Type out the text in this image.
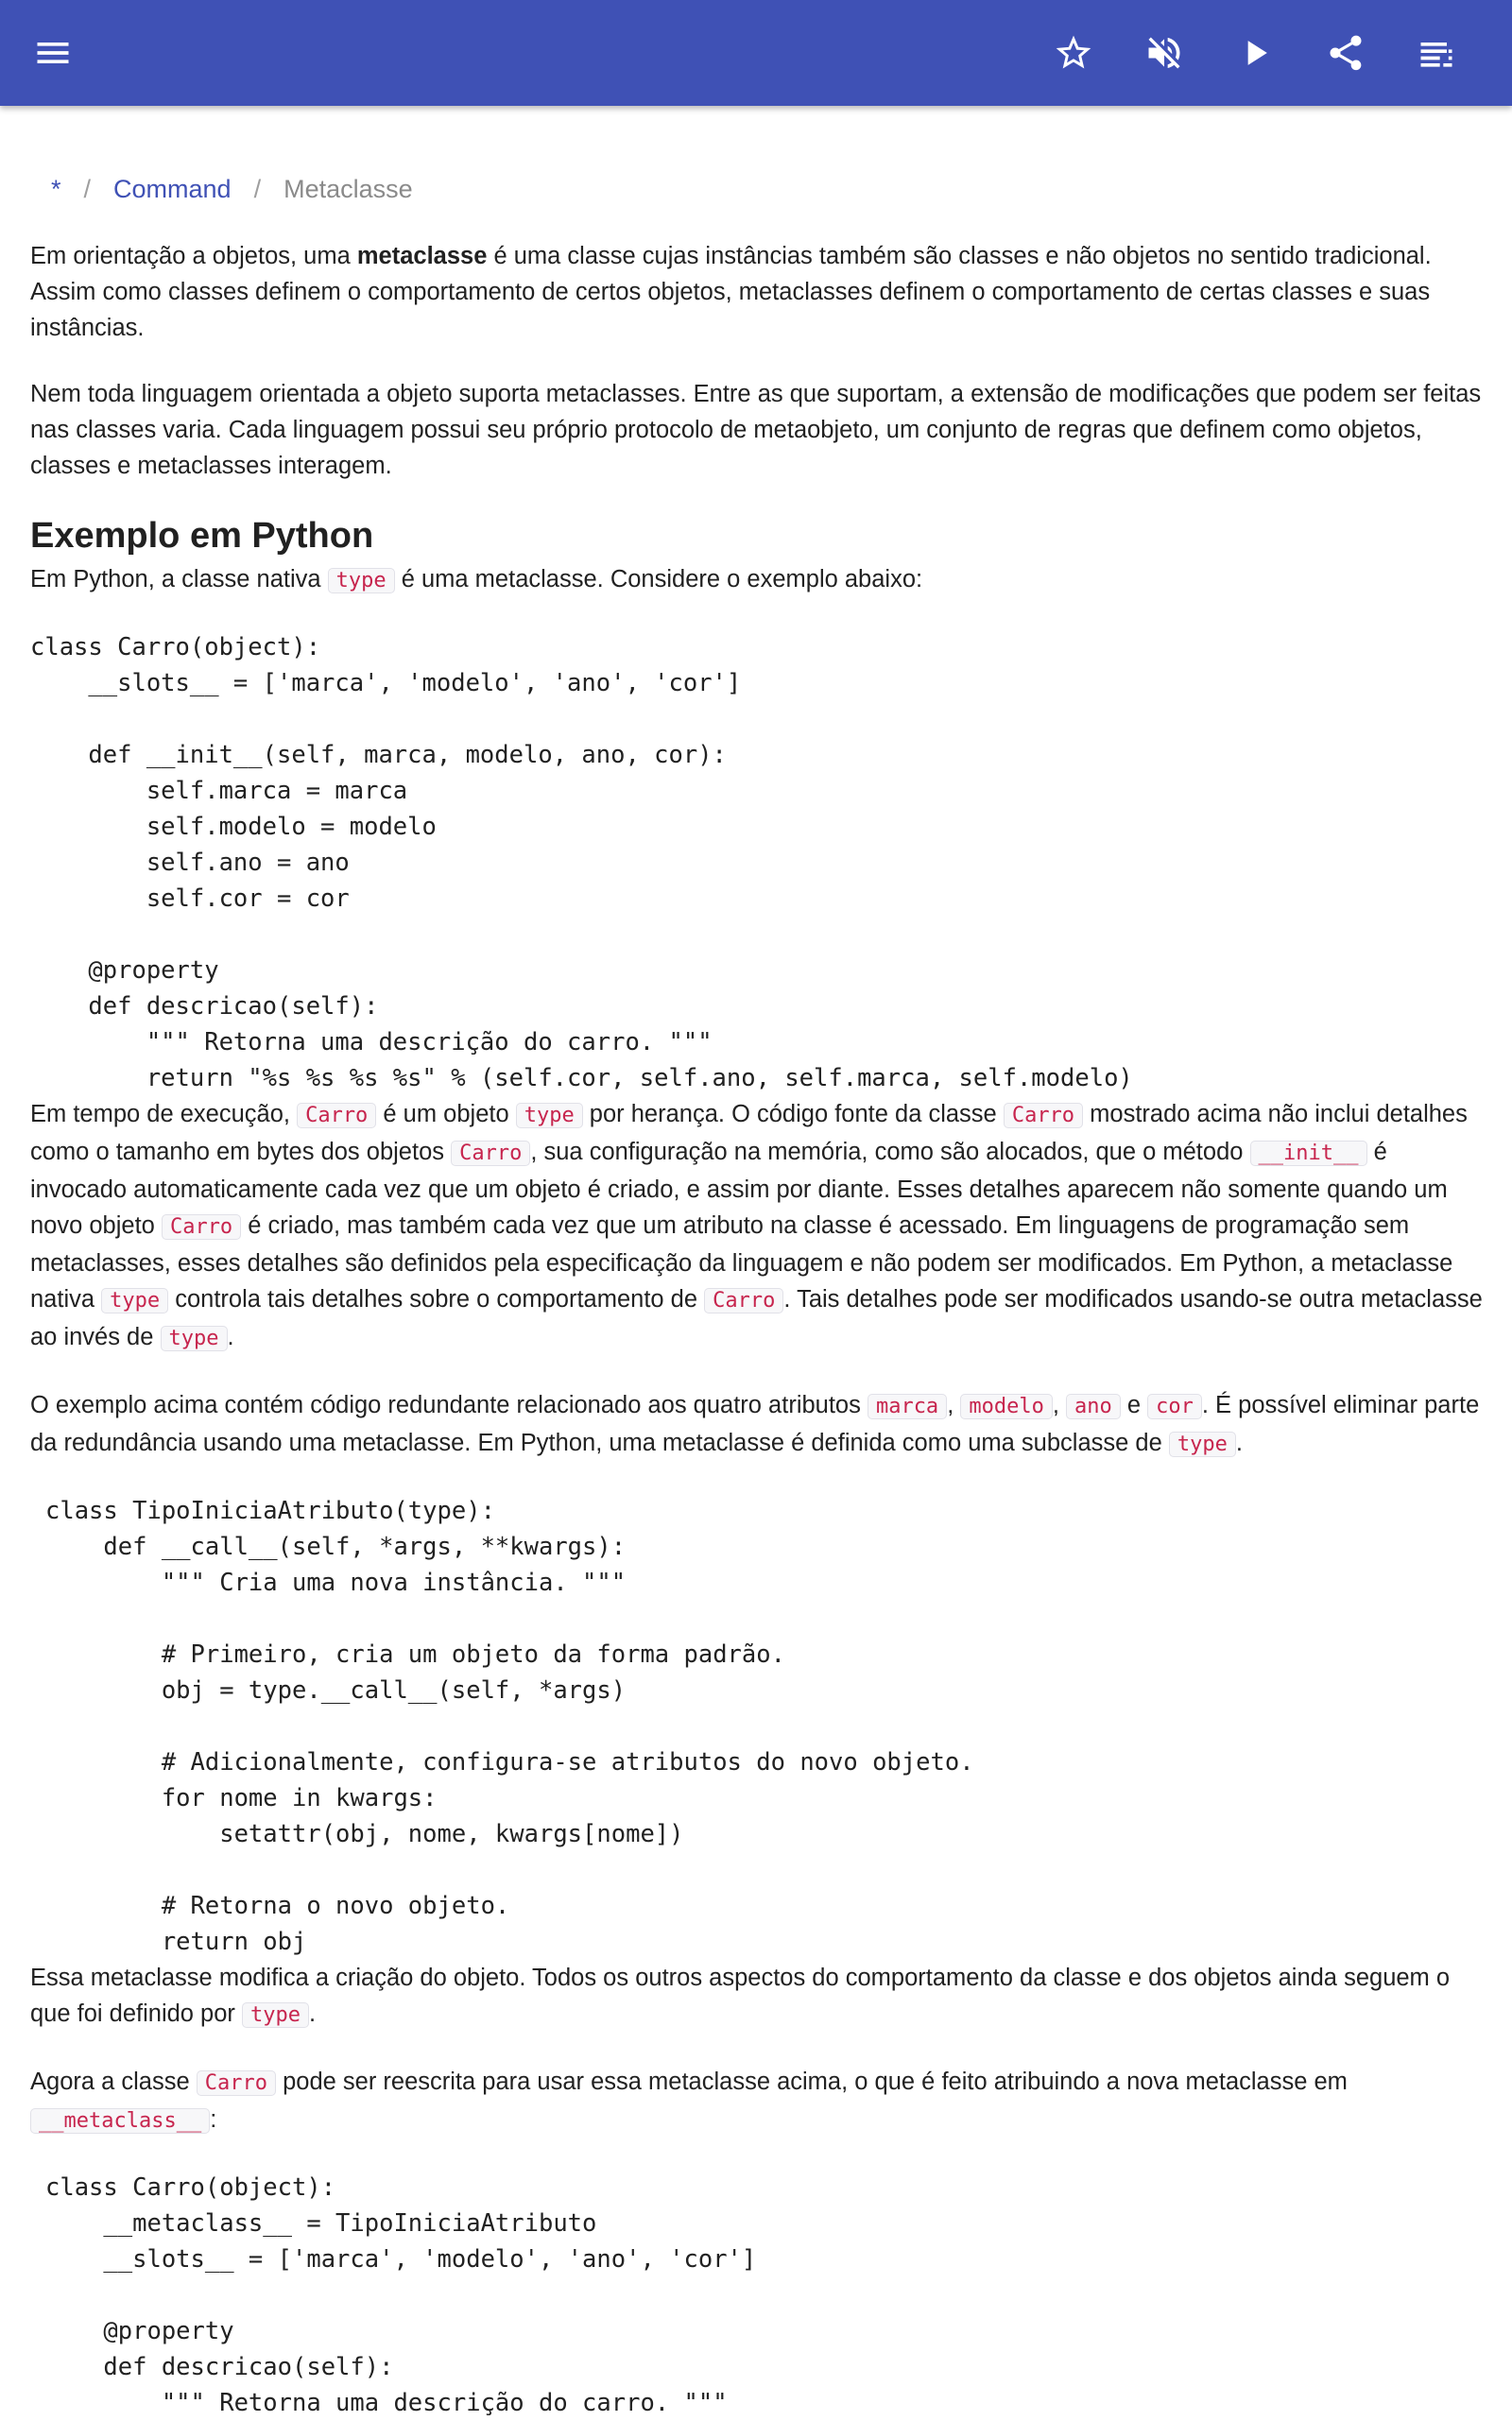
* / Command / Metaclasse

Em orientação a objetos, uma metaclasse é uma classe cujas instâncias também são classes e não objetos no sentido tradicional. Assim como classes definem o comportamento de certos objetos, metaclasses definem o comportamento de certas classes e suas instâncias.

Nem toda linguagem orientada a objeto suporta metaclasses. Entre as que suportam, a extensão de modificações que podem ser feitas nas classes varia. Cada linguagem possui seu próprio protocolo de metaobjeto, um conjunto de regras que definem como objetos, classes e metaclasses interagem.

Exemplo em Python

Em Python, a classe nativa type é uma metaclasse. Considere o exemplo abaixo:

class Carro(object):
__slots__ = ['marca', 'modelo', 'ano', 'cor']

def __init__(self, marca, modelo, ano, cor):
self.marca = marca
self.modelo = modelo
self.ano = ano
self.cor = cor

@property
def descricao(self):
""" Retorna uma descrição do carro. """
return "%s %s %s %s" % (self.cor, self.ano, self.marca, self.modelo)

Em tempo de execução, Carro é um objeto type por herança. O código fonte da classe Carro mostrado acima não inclui detalhes como o tamanho em bytes dos objetos Carro , sua configuração na memória, como são alocados, que o método __init__ é invocado automaticamente cada vez que um objeto é criado, e assim por diante. Esses detalhes aparecem não somente quando um novo objeto Carro é criado, mas também cada vez que um atributo na classe é acessado. Em linguagens de programação sem metaclasses, esses detalhes são definidos pela especificação da linguagem e não podem ser modificados. Em Python, a metaclasse nativa type controla tais detalhes sobre o comportamento de Carro . Tais detalhes pode ser modificados usando-se outra metaclasse ao invés de type .

O exemplo acima contém código redundante relacionado aos quatro atributos marca , modelo , ano e cor . É possível eliminar parte da redundância usando uma metaclasse. Em Python, uma metaclasse é definida como uma subclasse de type .

class TipoIniciaAtributo(type):
def __call__(self, *args, **kwargs):
""" Cria uma nova instância. """

# Primeiro, cria um objeto da forma padrão.
obj = type.__call__(self, *args)

# Adicionalmente, configura-se atributos do novo objeto.
for nome in kwargs:
setattr(obj, nome, kwargs[nome])

# Retorna o novo objeto.
return obj

Essa metaclasse modifica a criação do objeto. Todos os outros aspectos do comportamento da classe e dos objetos ainda seguem o que foi definido por type .

Agora a classe Carro pode ser reescrita para usar essa metaclasse acima, o que é feito atribuindo a nova metaclasse em __metaclass__ :

class Carro(object):
__metaclass__ = TipoIniciaAtributo
__slots__ = ['marca', 'modelo', 'ano', 'cor']

@property
def descricao(self):
""" Retorna uma descrição do carro. """
